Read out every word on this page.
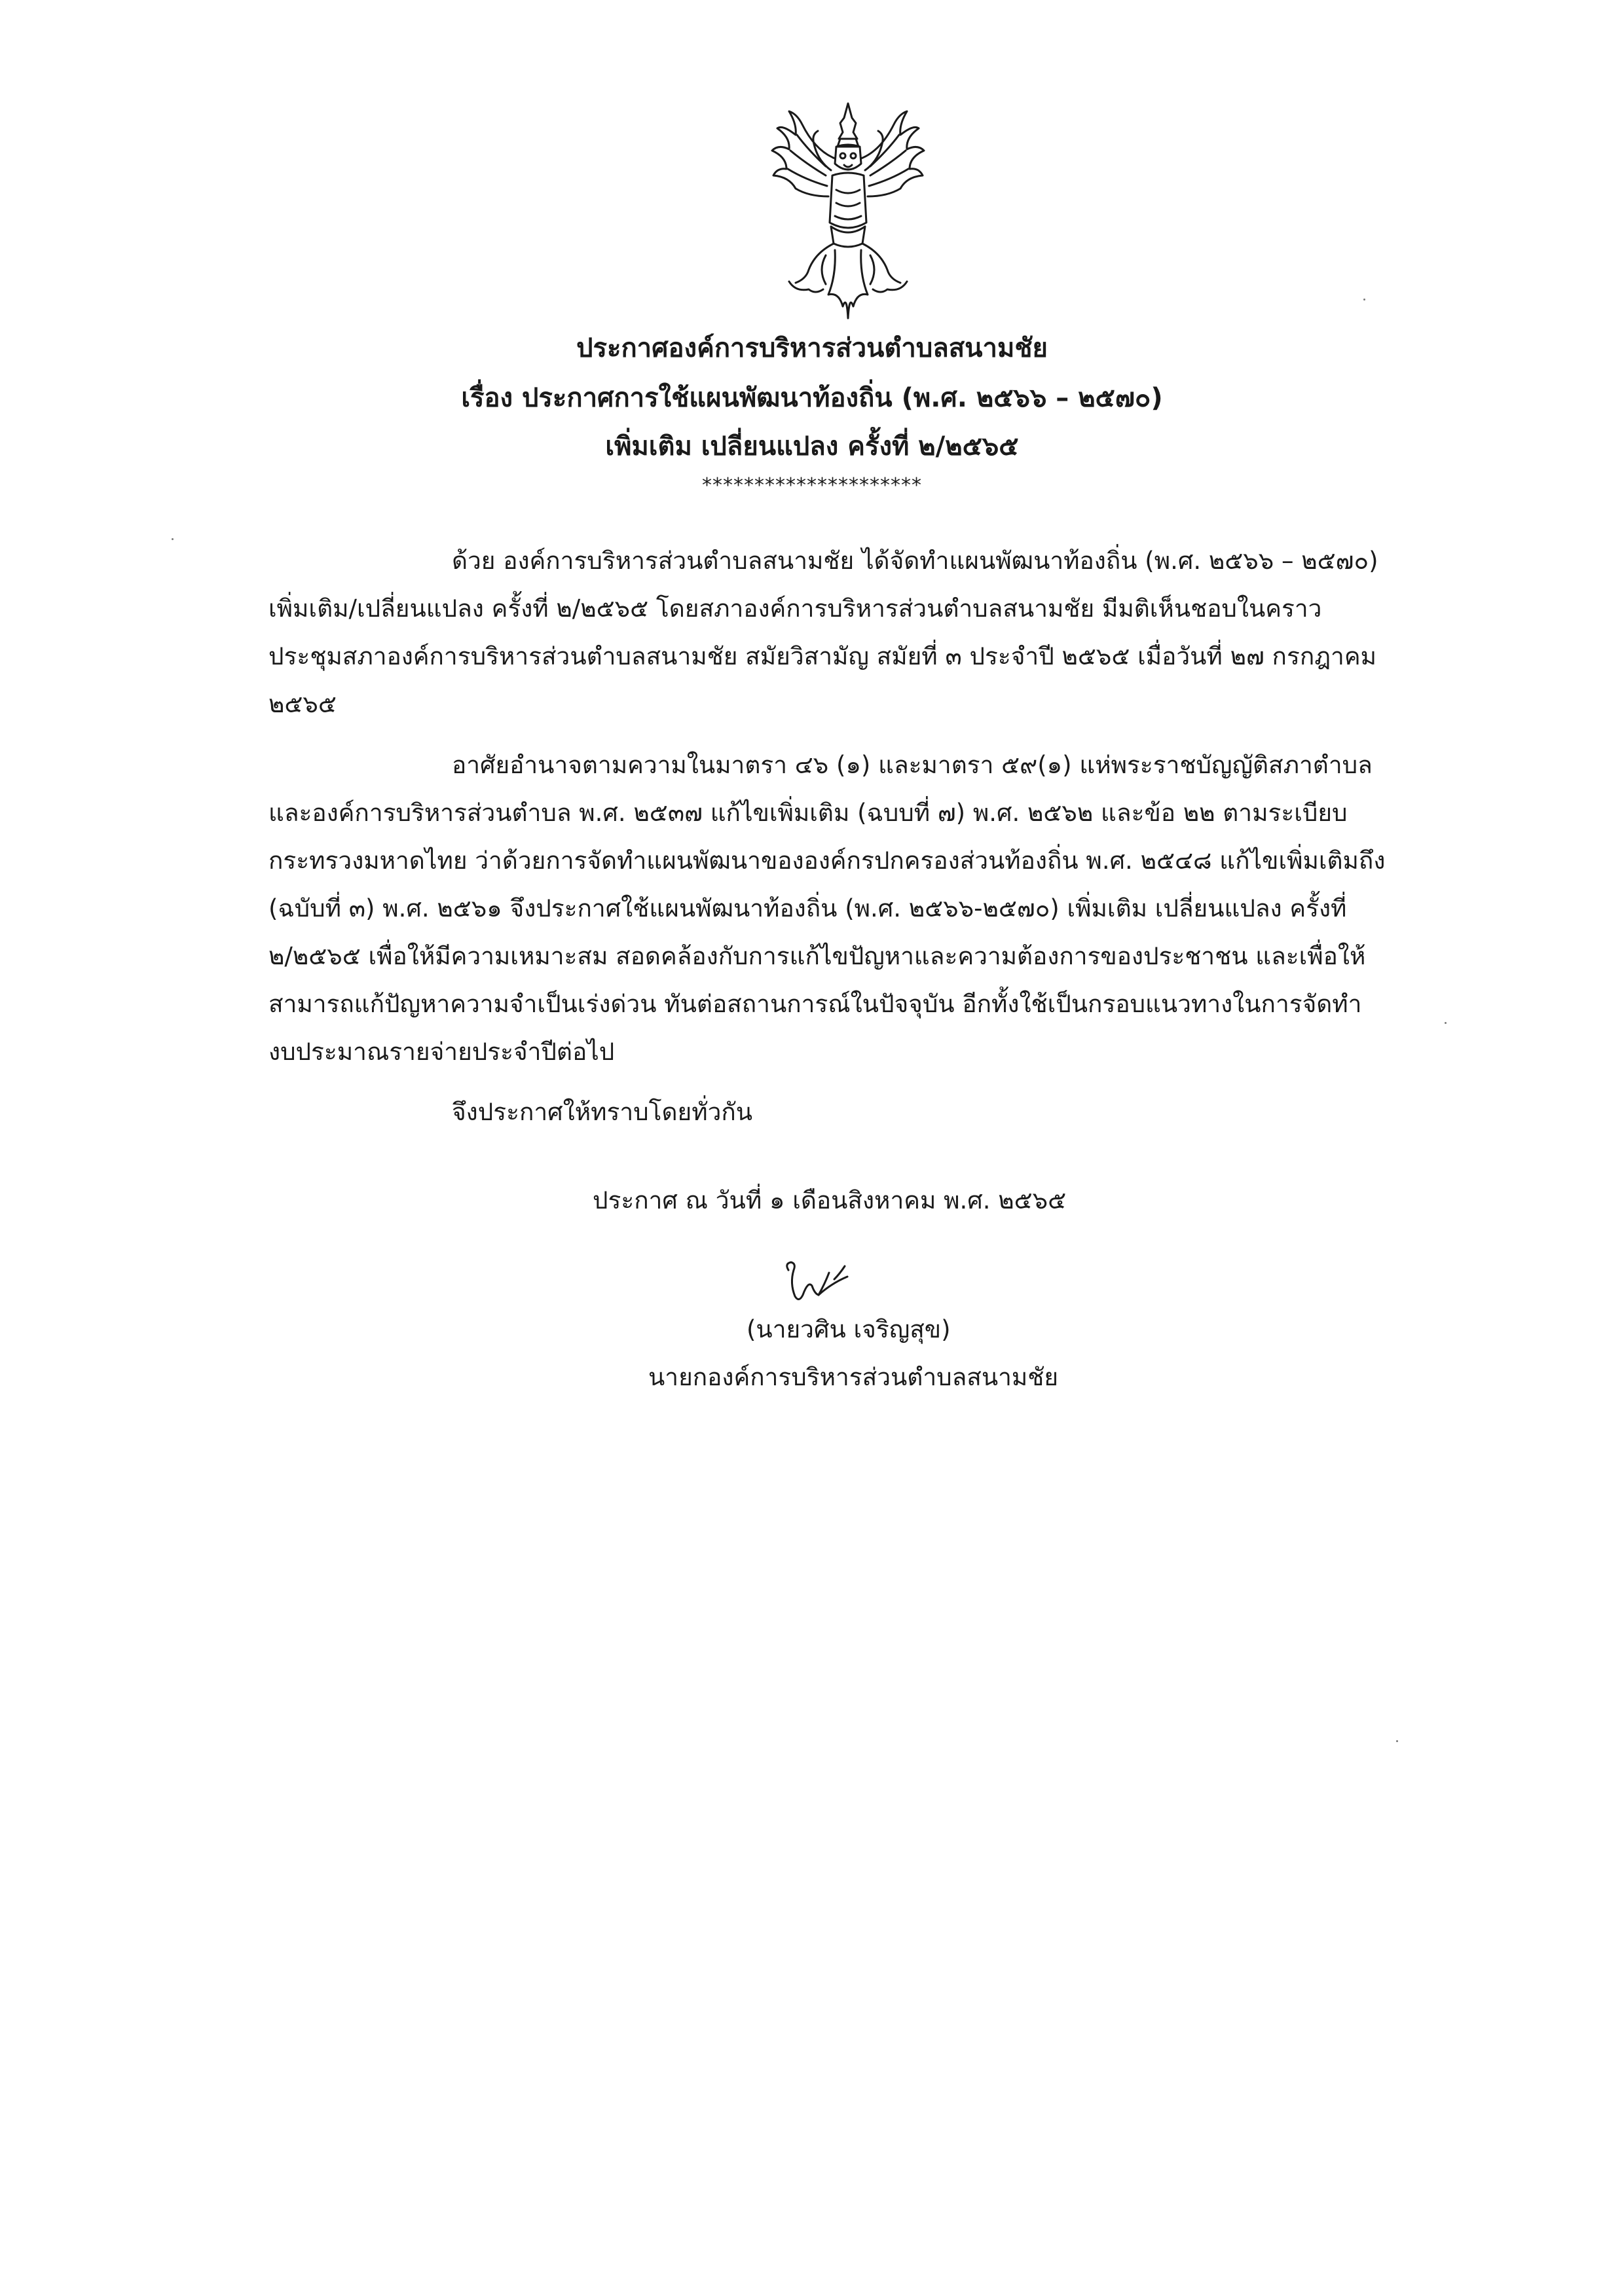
ประกาศองค์การบริหารส่วนตำบลสนามชัย
เรื่อง ประกาศการใช้แผนพัฒนาท้องถิ่น (พ.ศ. ๒๕๖๖ – ๒๕๗๐)
เพิ่มเติม เปลี่ยนแปลง ครั้งที่ ๒/๒๕๖๕
*********************
ด้วย องค์การบริหารส่วนตำบลสนามชัย ได้จัดทำแผนพัฒนาท้องถิ่น (พ.ศ. ๒๕๖๖ – ๒๕๗๐)
เพิ่มเติม/เปลี่ยนแปลง ครั้งที่ ๒/๒๕๖๕ โดยสภาองค์การบริหารส่วนตำบลสนามชัย มีมติเห็นชอบในคราว
ประชุมสภาองค์การบริหารส่วนตำบลสนามชัย สมัยวิสามัญ สมัยที่ ๓ ประจำปี ๒๕๖๕ เมื่อวันที่ ๒๗ กรกฎาคม
๒๕๖๕
อาศัยอำนาจตามความในมาตรา ๔๖ (๑) และมาตรา ๕๙(๑) แห่พระราชบัญญัติสภาตำบล
และองค์การบริหารส่วนตำบล พ.ศ. ๒๕๓๗ แก้ไขเพิ่มเติม (ฉบบที่ ๗) พ.ศ. ๒๕๖๒ และข้อ ๒๒ ตามระเบียบ
กระทรวงมหาดไทย ว่าด้วยการจัดทำแผนพัฒนาขององค์กรปกครองส่วนท้องถิ่น พ.ศ. ๒๕๔๘ แก้ไขเพิ่มเติมถึง
(ฉบับที่ ๓) พ.ศ. ๒๕๖๑ จึงประกาศใช้แผนพัฒนาท้องถิ่น (พ.ศ. ๒๕๖๖-๒๕๗๐) เพิ่มเติม เปลี่ยนแปลง ครั้งที่
๒/๒๕๖๕ เพื่อให้มีความเหมาะสม สอดคล้องกับการแก้ไขปัญหาและความต้องการของประชาชน และเพื่อให้
สามารถแก้ปัญหาความจำเป็นเร่งด่วน ทันต่อสถานการณ์ในปัจจุบัน อีกทั้งใช้เป็นกรอบแนวทางในการจัดทำ
งบประมาณรายจ่ายประจำปีต่อไป
จึงประกาศให้ทราบโดยทั่วกัน
ประกาศ ณ วันที่ ๑ เดือนสิงหาคม พ.ศ. ๒๕๖๕
(นายวศิน เจริญสุข)
นายกองค์การบริหารส่วนตำบลสนามชัย
